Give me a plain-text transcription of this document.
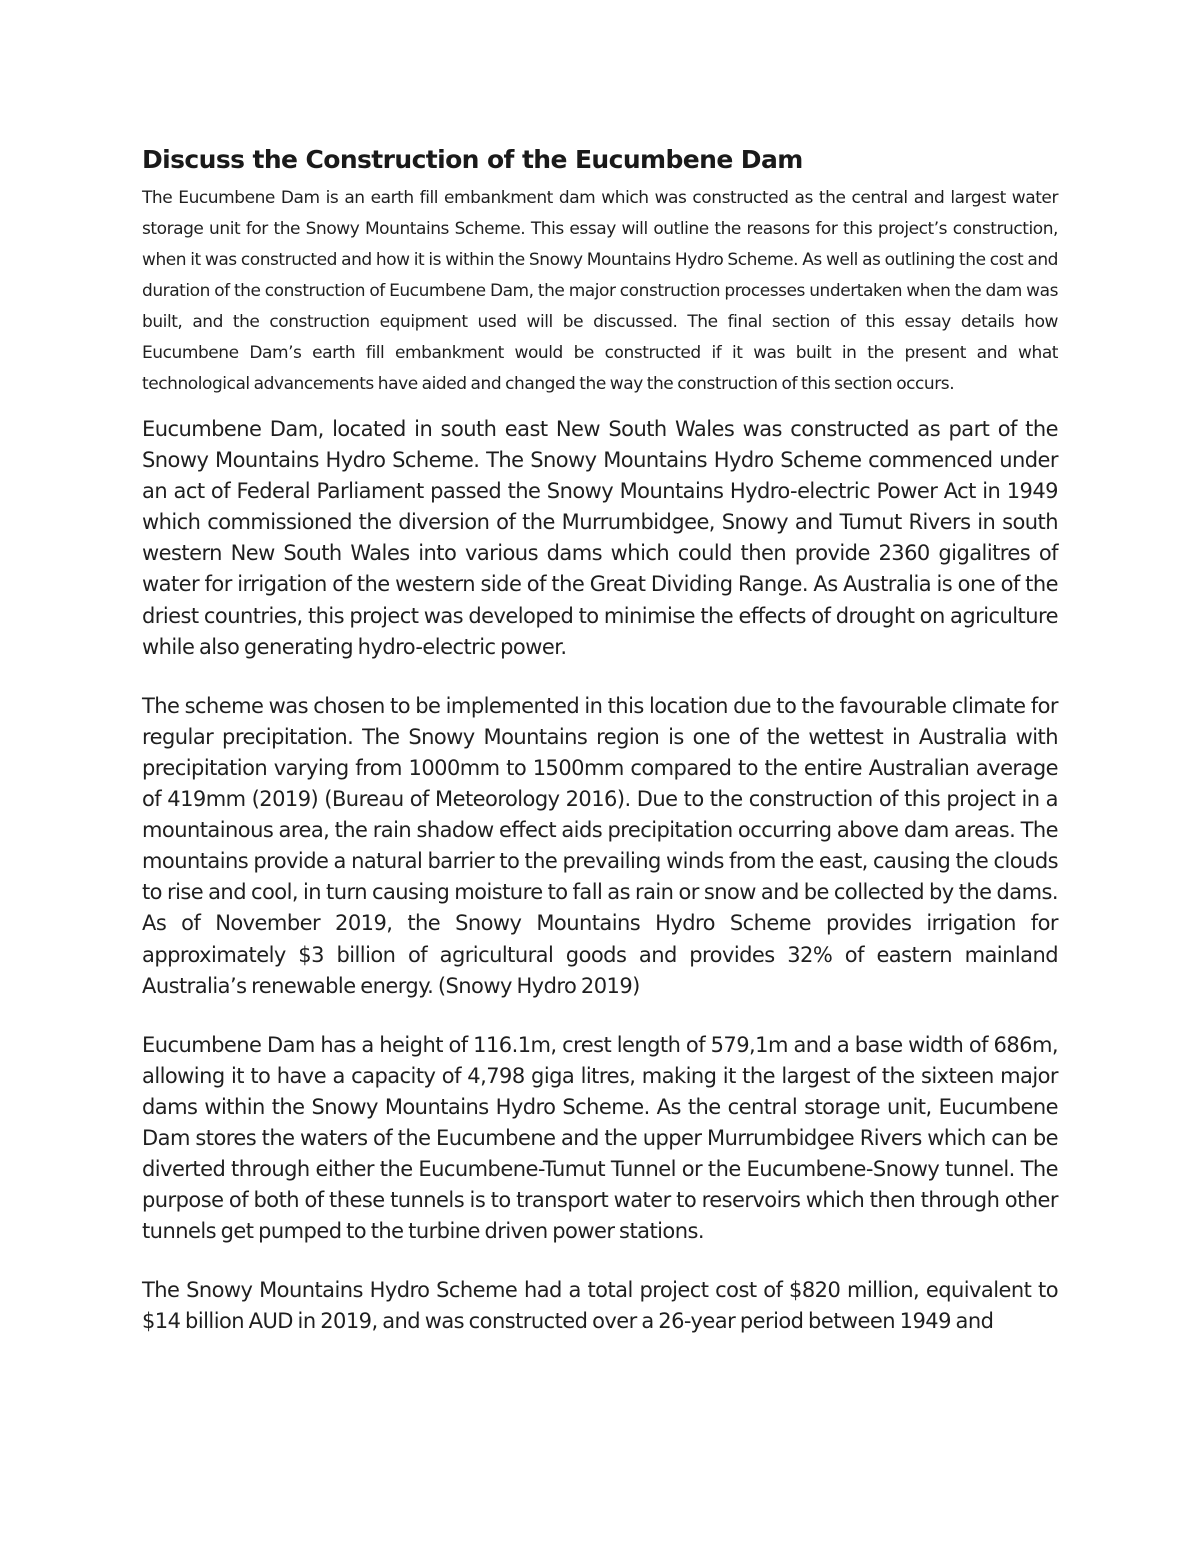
Discuss the Construction of the Eucumbene Dam

The Eucumbene Dam is an earth fill embankment dam which was constructed as the central and largest water storage unit for the Snowy Mountains Scheme. This essay will outline the reasons for this project’s construction, when it was constructed and how it is within the Snowy Mountains Hydro Scheme. As well as outlining the cost and duration of the construction of Eucumbene Dam, the major construction processes undertaken when the dam was built, and the construction equipment used will be discussed. The final section of this essay details how Eucumbene Dam’s earth fill embankment would be constructed if it was built in the present and what technological advancements have aided and changed the way the construction of this section occurs.

Eucumbene Dam, located in south east New South Wales was constructed as part of the Snowy Mountains Hydro Scheme. The Snowy Mountains Hydro Scheme commenced under an act of Federal Parliament passed the Snowy Mountains Hydro-electric Power Act in 1949 which commissioned the diversion of the Murrumbidgee, Snowy and Tumut Rivers in south western New South Wales into various dams which could then provide 2360 gigalitres of water for irrigation of the western side of the Great Dividing Range. As Australia is one of the driest countries, this project was developed to minimise the effects of drought on agriculture while also generating hydro-electric power.

The scheme was chosen to be implemented in this location due to the favourable climate for regular precipitation. The Snowy Mountains region is one of the wettest in Australia with precipitation varying from 1000mm to 1500mm compared to the entire Australian average of 419mm (2019) (Bureau of Meteorology 2016). Due to the construction of this project in a mountainous area, the rain shadow effect aids precipitation occurring above dam areas. The mountains provide a natural barrier to the prevailing winds from the east, causing the clouds to rise and cool, in turn causing moisture to fall as rain or snow and be collected by the dams. As of November 2019, the Snowy Mountains Hydro Scheme provides irrigation for approximately $3 billion of agricultural goods and provides 32% of eastern mainland Australia’s renewable energy. (Snowy Hydro 2019)

Eucumbene Dam has a height of 116.1m, crest length of 579,1m and a base width of 686m, allowing it to have a capacity of 4,798 giga litres, making it the largest of the sixteen major dams within the Snowy Mountains Hydro Scheme. As the central storage unit, Eucumbene Dam stores the waters of the Eucumbene and the upper Murrumbidgee Rivers which can be diverted through either the Eucumbene-Tumut Tunnel or the Eucumbene-Snowy tunnel. The purpose of both of these tunnels is to transport water to reservoirs which then through other tunnels get pumped to the turbine driven power stations.

The Snowy Mountains Hydro Scheme had a total project cost of $820 million, equivalent to $14 billion AUD in 2019, and was constructed over a 26-year period between 1949 and
